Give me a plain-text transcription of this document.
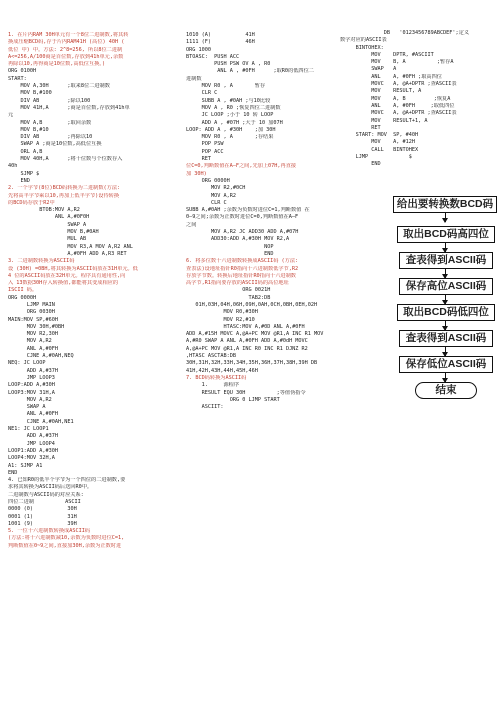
1. 在片内RAM 30H单元有一个8位二进制数,将其转
换成压缩BCD码,存于片内RAM41H (高位) 40H (
低位 中) 中。方法: 2^8=256, 所以8位二进制
A<=256,A/100商是百位数,存放到41h单元,余数
再除以10,再得商是10位数,高低位互换。)
ORG 0100H
START:
MOV A,30H      ;取来8位二进制数
MOV B,#100
DIV AB         ;除以100
MOV 41H,A      ;商是百位数,存放到41h单
元
MOV A,B        ;取回余数
MOV B,#10
DIV AB         ;再除以10
SWAP A ;商是10位数,高低位互换
ORL A,B
MOV 40H,A      ;将十位数与个位数存入
40h
SJMP $
END
2. 一个字节(8位)BCD码转换为二进制数(方法:
先将高半字节乘以10,再加上低半字节)设待转换
的BCD码存放于R2中
BTOB:MOV A,R2
ANL A,#0F0H
SWAP A
MOV B,#0AH
MUL AB
MOV R3,A MOV A,R2 ANL
A,#0FH ADD A,R3 RET
3. 二进制数转换为ASCII码
设 (30H) =0BH,将其转换为ASCII码放在31H单元。低
4 位的ASCII码放在32H单元。程序具有通用性,向
入 13数据30H存入转换值,都能将其变成相应的
ISCII 码。
ORG 0000H
LJMP MAIN
ORG 0030H
MAIN:MOV SP,#60H
MOV 30H,#0BH
MOV R2,30H
MOV A,R2
ANL A,#0FH
CJNE A,#0AH,NEQ
NEQ: JC LOOP
ADD A,#37H
JMP LOOP3
LOOP:ADD A,#30H
LOOP3:MOV 31H,A
MOV A,R2
SWAP A
ANL A,#0FH
CJNE A,#0AH,NE1
NE1: JC LOOP1
ADD A,#37H
JMP LOOP4
LOOP1:ADD A,#30H
LOOP4:MOV 32H,A
A1: SJMP A1
END
4. 已知R0的低半个字节为一个四位的二进制数,要
求将其转换为ASCII码后送回R0中。
二进制数与ASCII码的对应关系:
四位二进制          ASCII
0000 (0)           30H
0001 (1)           31H
1001 (9)           39H
5. 一位十六进制数转换成ASCII码
(方法:将十六进制数减10,余数为负数时进位C=1,
判断数值在0~9之间,直接加30H,余数为正数时进
1010 (A)           41H
1111 (F)           46H
ORG 1000
BTOASC:  PUSH ACC
PUSH PSW OV A , R0
ANL A , #0FH      ;取R0的低四位二
进制数
MOV R0 , A       暂存
CLR C
SUBB A , #0AH ;与10比较
MOV A , R0 ;恢复四位二进制数
JC LOOP ;小于 10 转 LOOP
ADD A , #07H ;大于 10 加07H
LOOP: ADD A , #30H    ;加 30H
MOV R0 , A       ;存结果
POP PSW
POP ACC
RET
位C=0,判断数值在A—F之间,先加上07H,再直接
加 30H)
ORG 0000H
MOV R2,#0CH
MOV A,R2
CLR C
SUBB A,#0AH ;余数为负数时进位C=1,判断数值 在
0—9之间;余数为正数时进位C=0,判断数值在A—F
之间
MOV A,R2 JC ADD30 ADD A,#07H
ADD30:ADD A,#30H MOV R2,A
NOP
END
6. 将多位数十六进制数转换成ASCII码 (方法:
查表法)设地址指针R0指向十六进制数低字节,R2
存放字节数。转换后地址指针R0指向十六进制数
高字节,R1指向要存放的ASCII码的高位地址
ORG 0021H
TAB2:DB
01H,03H,04H,06H,09H,0AH,0CH,0BH,0EH,02H
MOV R0,#30H
MOV R2,#10
HTASC:MOV A,#0D ANL A,#0FH
ADD A,#15H MOVC A,@A+PC MOV @R1,A INC R1 MOV
A,#R0 SWAP A ANL A,#0FH ADD A,#0dH MOVC
A,@A+PC MOV @R1,A INC R0 INC R1 DJNZ R2
,HTASC ASCTAB:DB
30H,31H,32H,33H,34H,35H,36H,37H,38H,39H DB
41H,42H,43H,44H,45H,46H
7. BCD码转换为ASCII码
1.     源程序
RESULT EQU 30H          ;等值伪指令
ORG 0 LJMP START
ASCIIT:
DB   '0123456789ABCDEF';定义
数字对应的ASCII表
BINTOHEX:
MOV    DPTR, #ASCIIT
MOV    B, A          ;暂存A
SWAP   A
ANL    A, #0FH ;取高四位
MOVC   A, @A+DPTR ;查ASCII表
MOV    RESULT, A
MOV    A, B         ;恢复A
ANL    A, #0FH     ;取低四位
MOVC   A, @A+DPTR ;查ASCII表
MOV    RESULT+1, A
RET
START: MOV  SP, #40H
MOV    A, #12H
CALL   BINTOHEX
LJMP             $
END
给出要转换数BCD码
取出BCD码高四位
查表得到ASCII码
保存高位ASCII码
取出BCD码低四位
查表得到ASCII码
保存低位ASCII码
结束
